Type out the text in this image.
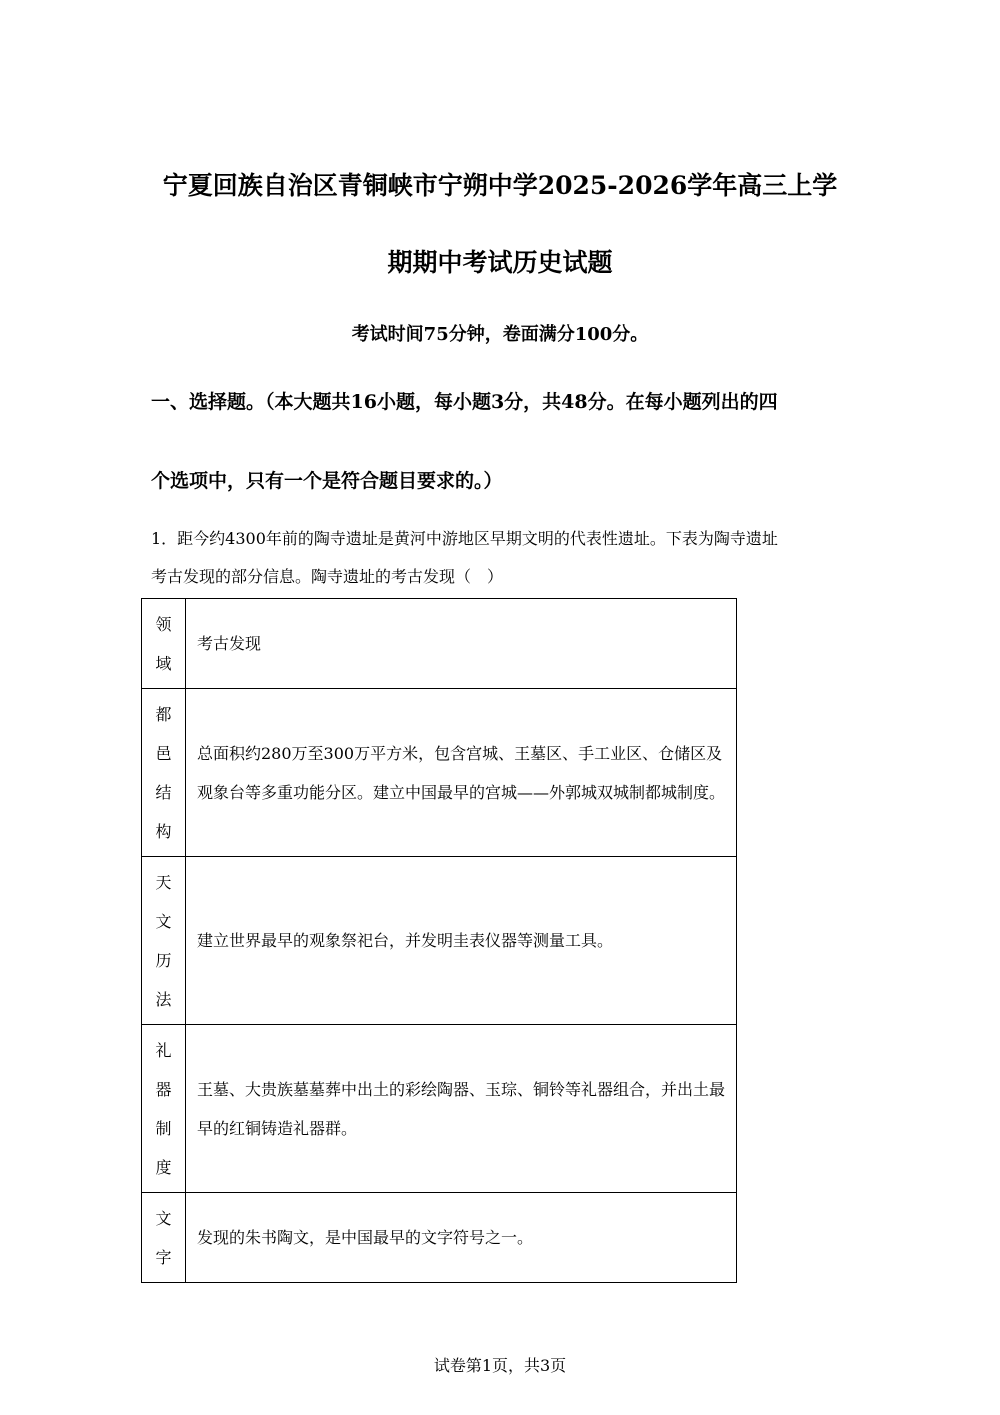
宁夏回族自治区青铜峡市宁朔中学2025-2026学年高三上学
期期中考试历史试题
考试时间75分钟，卷面满分100分。
一、选择题。（本大题共16小题，每小题3分，共48分。在每小题列出的四
个选项中，只有一个是符合题目要求的。）
1．距今约4300年前的陶寺遗址是黄河中游地区早期文明的代表性遗址。下表为陶寺遗址
考古发现的部分信息。陶寺遗址的考古发现（　）
领
域	考古发现

都
邑
结
构	总面积约280万至300万平方米，包含宫城、王墓区、手工业区、仓储区及观象台等多重功能分区。建立中国最早的宫城——外郭城双城制都城制度。

天
文
历
法	建立世界最早的观象祭祀台，并发明圭表仪器等测量工具。

礼
器
制
度	王墓、大贵族墓墓葬中出土的彩绘陶器、玉琮、铜铃等礼器组合，并出土最早的红铜铸造礼器群。

文
字	发现的朱书陶文，是中国最早的文字符号之一。
试卷第1页，共3页
